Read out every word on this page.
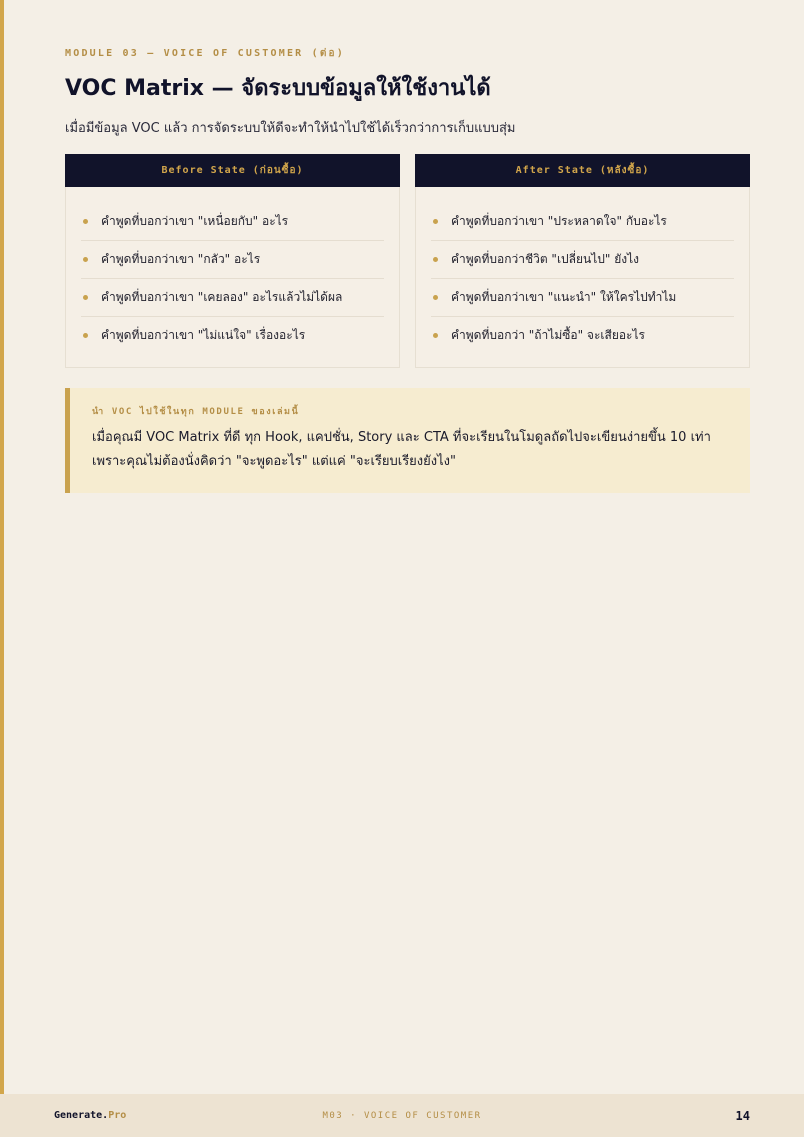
MODULE 03 — VOICE OF CUSTOMER (ต่อ)
VOC Matrix — จัดระบบข้อมูลให้ใช้งานได้
เมื่อมีข้อมูล VOC แล้ว การจัดระบบให้ดีจะทำให้นำไปใช้ได้เร็วกว่าการเก็บแบบสุ่ม
Before State (ก่อนซื้อ)
คำพูดที่บอกว่าเขา "เหนื่อยกับ" อะไร
คำพูดที่บอกว่าเขา "กลัว" อะไร
คำพูดที่บอกว่าเขา "เคยลอง" อะไรแล้วไม่ได้ผล
คำพูดที่บอกว่าเขา "ไม่แน่ใจ" เรื่องอะไร
After State (หลังซื้อ)
คำพูดที่บอกว่าเขา "ประหลาดใจ" กับอะไร
คำพูดที่บอกว่าชีวิต "เปลี่ยนไป" ยังไง
คำพูดที่บอกว่าเขา "แนะนำ" ให้ใครไปทำไม
คำพูดที่บอกว่า "ถ้าไม่ซื้อ" จะเสียอะไร
นำ VOC ไปใช้ในทุก MODULE ของเล่มนี้
เมื่อคุณมี VOC Matrix ที่ดี ทุก Hook, แคปชั่น, Story และ CTA ที่จะเรียนในโมดูลถัดไปจะเขียนง่ายขึ้น 10 เท่า เพราะคุณไม่ต้องนั่งคิดว่า "จะพูดอะไร" แต่แค่ "จะเรียบเรียงยังไง"
Generate.Pro	M03 · VOICE OF CUSTOMER	14
